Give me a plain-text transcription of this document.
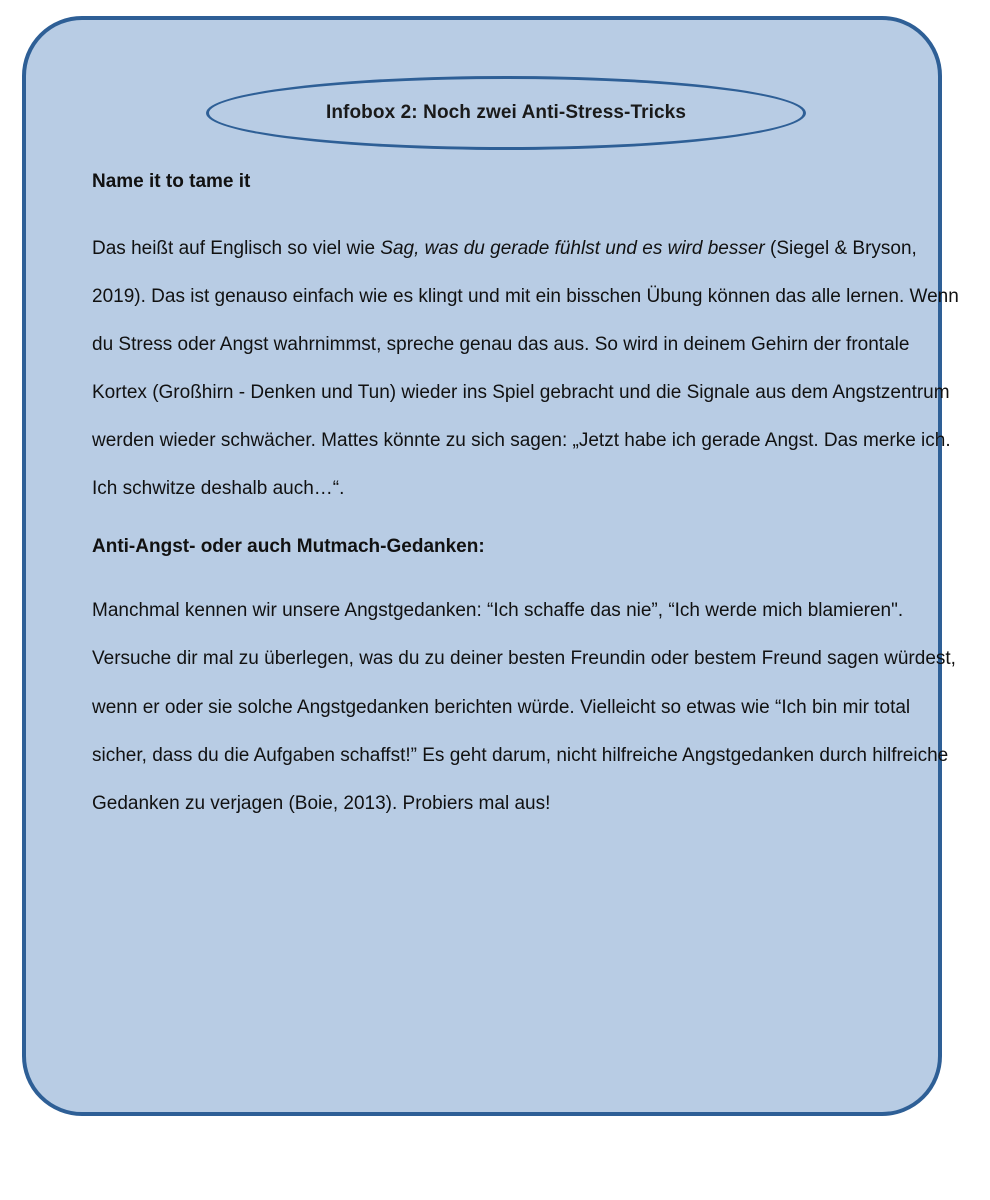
Infobox 2: Noch zwei Anti-Stress-Tricks
Name it to tame it

Das heißt auf Englisch so viel wie Sag, was du gerade fühlst und es wird besser (Siegel & Bryson, 2019). Das ist genauso einfach wie es klingt und mit ein bisschen Übung können das alle lernen. Wenn du Stress oder Angst wahrnimmst, spreche genau das aus. So wird in deinem Gehirn der frontale Kortex (Großhirn - Denken und Tun) wieder ins Spiel gebracht und die Signale aus dem Angstzentrum werden wieder schwächer. Mattes könnte zu sich sagen: „Jetzt habe ich gerade Angst. Das merke ich. Ich schwitze deshalb auch…“.

Anti-Angst- oder auch Mutmach-Gedanken:

Manchmal kennen wir unsere Angstgedanken: “Ich schaffe das nie”, “Ich werde mich blamieren". Versuche dir mal zu überlegen, was du zu deiner besten Freundin oder bestem Freund sagen würdest, wenn er oder sie solche Angstgedanken berichten würde. Vielleicht so etwas wie “Ich bin mir total sicher, dass du die Aufgaben schaffst!” Es geht darum, nicht hilfreiche Angstgedanken durch hilfreiche Gedanken zu verjagen (Boie, 2013). Probiers mal aus!
